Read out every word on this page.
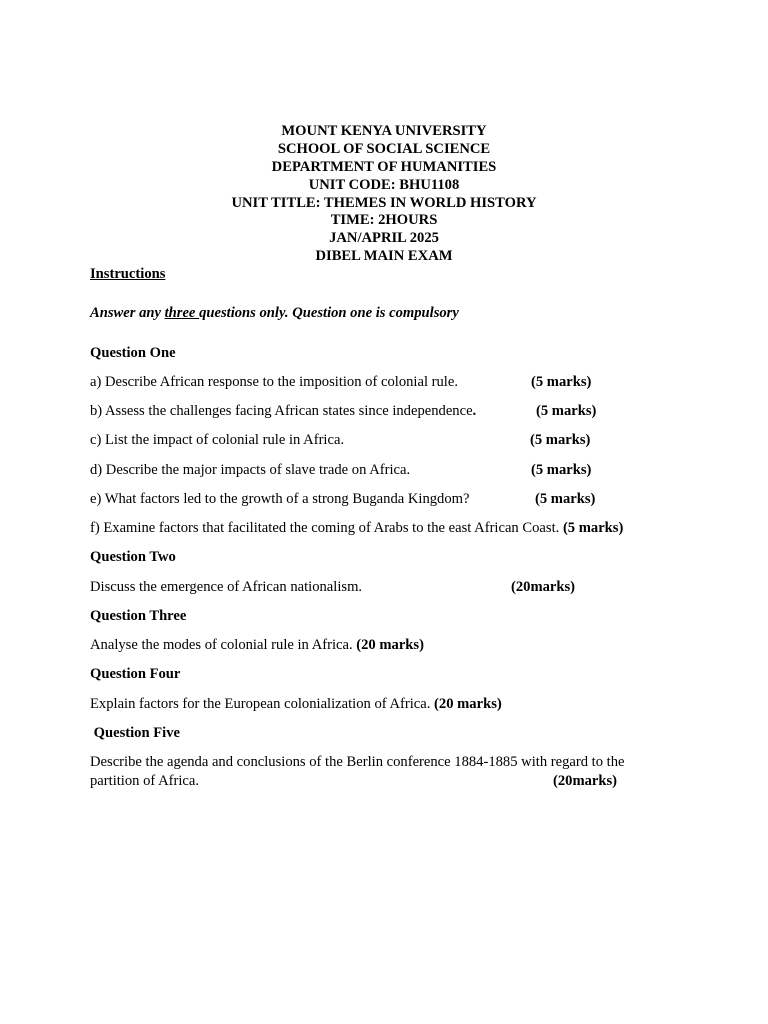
MOUNT KENYA UNIVERSITY
SCHOOL OF SOCIAL SCIENCE
DEPARTMENT OF HUMANITIES
UNIT CODE: BHU1108
UNIT TITLE: THEMES IN WORLD HISTORY
TIME: 2HOURS
JAN/APRIL 2025
DIBEL MAIN EXAM
Instructions
Answer any three questions only. Question one is compulsory
Question One
a) Describe African response to the imposition of colonial rule.	(5 marks)
b) Assess the challenges facing African states since independence.	(5 marks)
c) List the impact of colonial rule in Africa.	(5 marks)
d) Describe the major impacts of slave trade on Africa.	(5 marks)
e) What factors led to the growth of a strong Buganda Kingdom?	(5 marks)
f) Examine factors that facilitated the coming of Arabs to the east African Coast. (5 marks)
Question Two
Discuss the emergence of African nationalism.	(20marks)
Question Three
Analyse the modes of colonial rule in Africa. (20 marks)
Question Four
Explain factors for the European colonialization of Africa. (20 marks)
Question Five
Describe the agenda and conclusions of the Berlin conference 1884-1885 with regard to the
partition of Africa.	(20marks)
